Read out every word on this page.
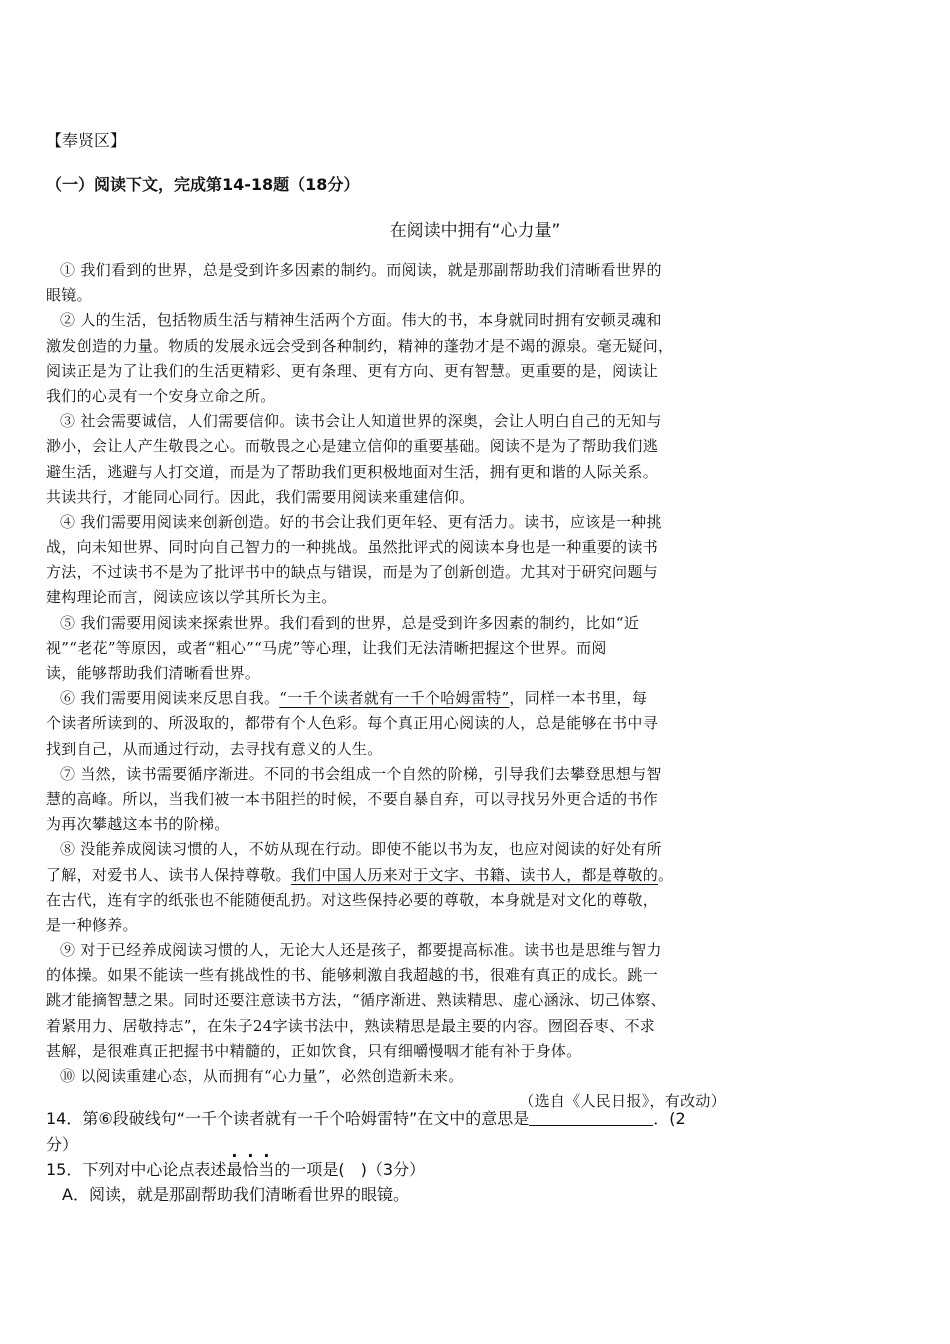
【奉贤区】
（一）阅读下文，完成第14-18题（18分）
在阅读中拥有“心力量”
① 我们看到的世界，总是受到许多因素的制约。而阅读，就是那副帮助我们清晰看世界的
眼镜。
② 人的生活，包括物质生活与精神生活两个方面。伟大的书，本身就同时拥有安顿灵魂和
激发创造的力量。物质的发展永远会受到各种制约，精神的蓬勃才是不竭的源泉。毫无疑问，
阅读正是为了让我们的生活更精彩、更有条理、更有方向、更有智慧。更重要的是，阅读让
我们的心灵有一个安身立命之所。
③ 社会需要诚信，人们需要信仰。读书会让人知道世界的深奥，会让人明白自己的无知与
渺小，会让人产生敬畏之心。而敬畏之心是建立信仰的重要基础。阅读不是为了帮助我们逃
避生活，逃避与人打交道，而是为了帮助我们更积极地面对生活，拥有更和谐的人际关系。
共读共行，才能同心同行。因此，我们需要用阅读来重建信仰。
④ 我们需要用阅读来创新创造。好的书会让我们更年轻、更有活力。读书，应该是一种挑
战，向未知世界、同时向自己智力的一种挑战。虽然批评式的阅读本身也是一种重要的读书
方法，不过读书不是为了批评书中的缺点与错误，而是为了创新创造。尤其对于研究问题与
建构理论而言，阅读应该以学其所长为主。
⑤ 我们需要用阅读来探索世界。我们看到的世界，总是受到许多因素的制约，比如“近
视”“老花”等原因，或者“粗心”“马虎”等心理，让我们无法清晰把握这个世界。而阅
读，能够帮助我们清晰看世界。
⑥ 我们需要用阅读来反思自我。“一千个读者就有一千个哈姆雷特”，同样一本书里，每
个读者所读到的、所汲取的，都带有个人色彩。每个真正用心阅读的人，总是能够在书中寻
找到自己，从而通过行动，去寻找有意义的人生。
⑦ 当然，读书需要循序渐进。不同的书会组成一个自然的阶梯，引导我们去攀登思想与智
慧的高峰。所以，当我们被一本书阻拦的时候，不要自暴自弃，可以寻找另外更合适的书作
为再次攀越这本书的阶梯。
⑧ 没能养成阅读习惯的人，不妨从现在行动。即使不能以书为友，也应对阅读的好处有所
了解，对爱书人、读书人保持尊敬。我们中国人历来对于文字、书籍、读书人，都是尊敬的。
在古代，连有字的纸张也不能随便乱扔。对这些保持必要的尊敬，本身就是对文化的尊敬，
是一种修养。
⑨ 对于已经养成阅读习惯的人，无论大人还是孩子，都要提高标准。读书也是思维与智力
的体操。如果不能读一些有挑战性的书、能够刺激自我超越的书，很难有真正的成长。跳一
跳才能摘智慧之果。同时还要注意读书方法，“循序渐进、熟读精思、虚心涵泳、切己体察、
着紧用力、居敬持志”，在朱子24字读书法中，熟读精思是最主要的内容。囫囵吞枣、不求
甚解，是很难真正把握书中精髓的，正如饮食，只有细嚼慢咽才能有补于身体。
⑩ 以阅读重建心态，从而拥有“心力量”，必然创造新未来。
（选自《人民日报》，有改动）
14．第⑥段破线句“一千个读者就有一千个哈姆雷特”在文中的意思是	．(2
分）
15．下列对中心论点表述最恰当的一项是(　)（3分）
A．阅读，就是那副帮助我们清晰看世界的眼镜。
